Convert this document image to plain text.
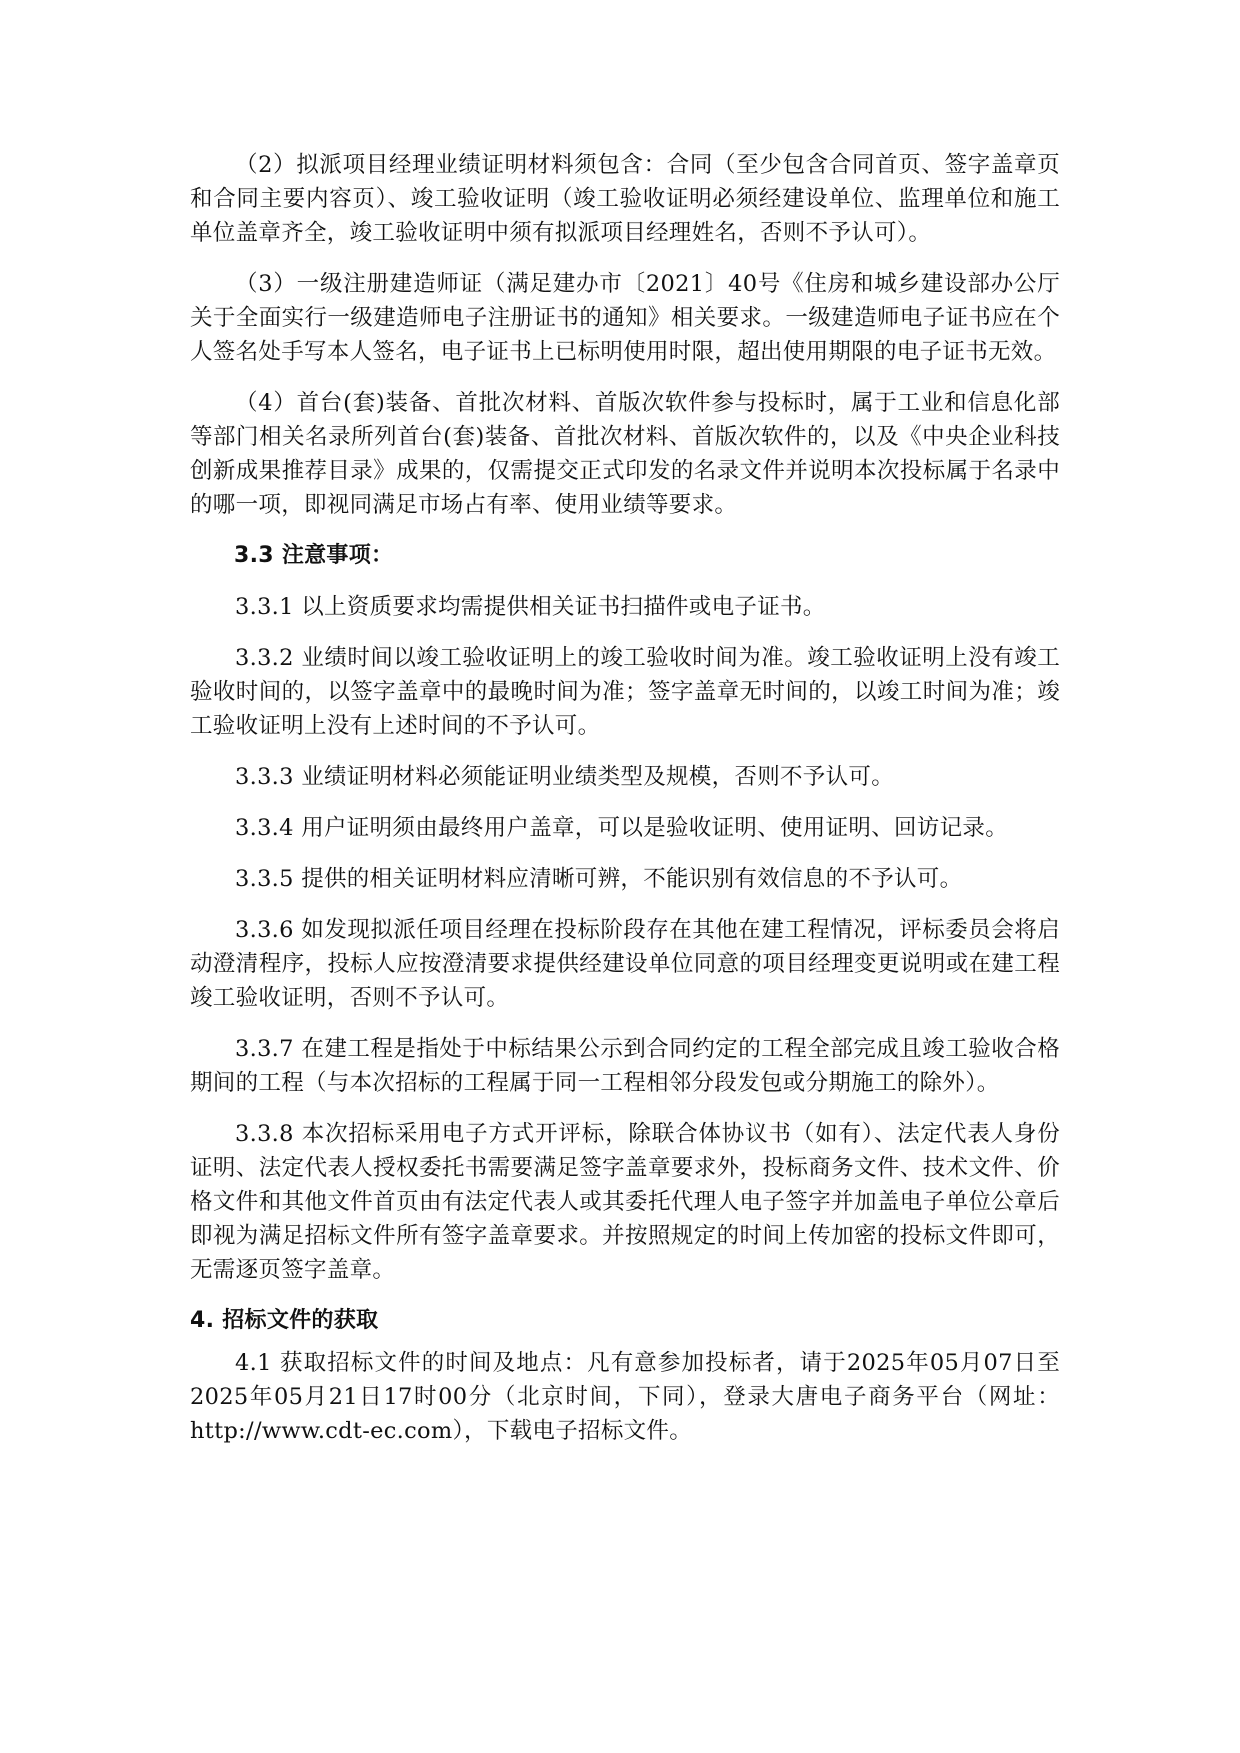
（2）拟派项目经理业绩证明材料须包含：合同（至少包含合同首页、签字盖章页和合同主要内容页）、竣工验收证明（竣工验收证明必须经建设单位、监理单位和施工单位盖章齐全，竣工验收证明中须有拟派项目经理姓名，否则不予认可）。

（3）一级注册建造师证（满足建办市〔2021〕40号《住房和城乡建设部办公厅关于全面实行一级建造师电子注册证书的通知》相关要求。一级建造师电子证书应在个人签名处手写本人签名，电子证书上已标明使用时限，超出使用期限的电子证书无效。

（4）首台(套)装备、首批次材料、首版次软件参与投标时，属于工业和信息化部等部门相关名录所列首台(套)装备、首批次材料、首版次软件的，以及《中央企业科技创新成果推荐目录》成果的，仅需提交正式印发的名录文件并说明本次投标属于名录中的哪一项，即视同满足市场占有率、使用业绩等要求。

3.3 注意事项：

3.3.1 以上资质要求均需提供相关证书扫描件或电子证书。

3.3.2 业绩时间以竣工验收证明上的竣工验收时间为准。竣工验收证明上没有竣工验收时间的，以签字盖章中的最晚时间为准；签字盖章无时间的，以竣工时间为准；竣工验收证明上没有上述时间的不予认可。

3.3.3 业绩证明材料必须能证明业绩类型及规模，否则不予认可。

3.3.4 用户证明须由最终用户盖章，可以是验收证明、使用证明、回访记录。

3.3.5 提供的相关证明材料应清晰可辨，不能识别有效信息的不予认可。

3.3.6 如发现拟派任项目经理在投标阶段存在其他在建工程情况，评标委员会将启动澄清程序，投标人应按澄清要求提供经建设单位同意的项目经理变更说明或在建工程竣工验收证明，否则不予认可。

3.3.7 在建工程是指处于中标结果公示到合同约定的工程全部完成且竣工验收合格期间的工程（与本次招标的工程属于同一工程相邻分段发包或分期施工的除外）。

3.3.8 本次招标采用电子方式开评标，除联合体协议书（如有）、法定代表人身份证明、法定代表人授权委托书需要满足签字盖章要求外，投标商务文件、技术文件、价格文件和其他文件首页由有法定代表人或其委托代理人电子签字并加盖电子单位公章后即视为满足招标文件所有签字盖章要求。并按照规定的时间上传加密的投标文件即可，无需逐页签字盖章。

4. 招标文件的获取

4.1 获取招标文件的时间及地点：凡有意参加投标者，请于2025年05月07日至2025年05月21日17时00分（北京时间，下同），登录大唐电子商务平台（网址：http://www.cdt-ec.com），下载电子招标文件。
